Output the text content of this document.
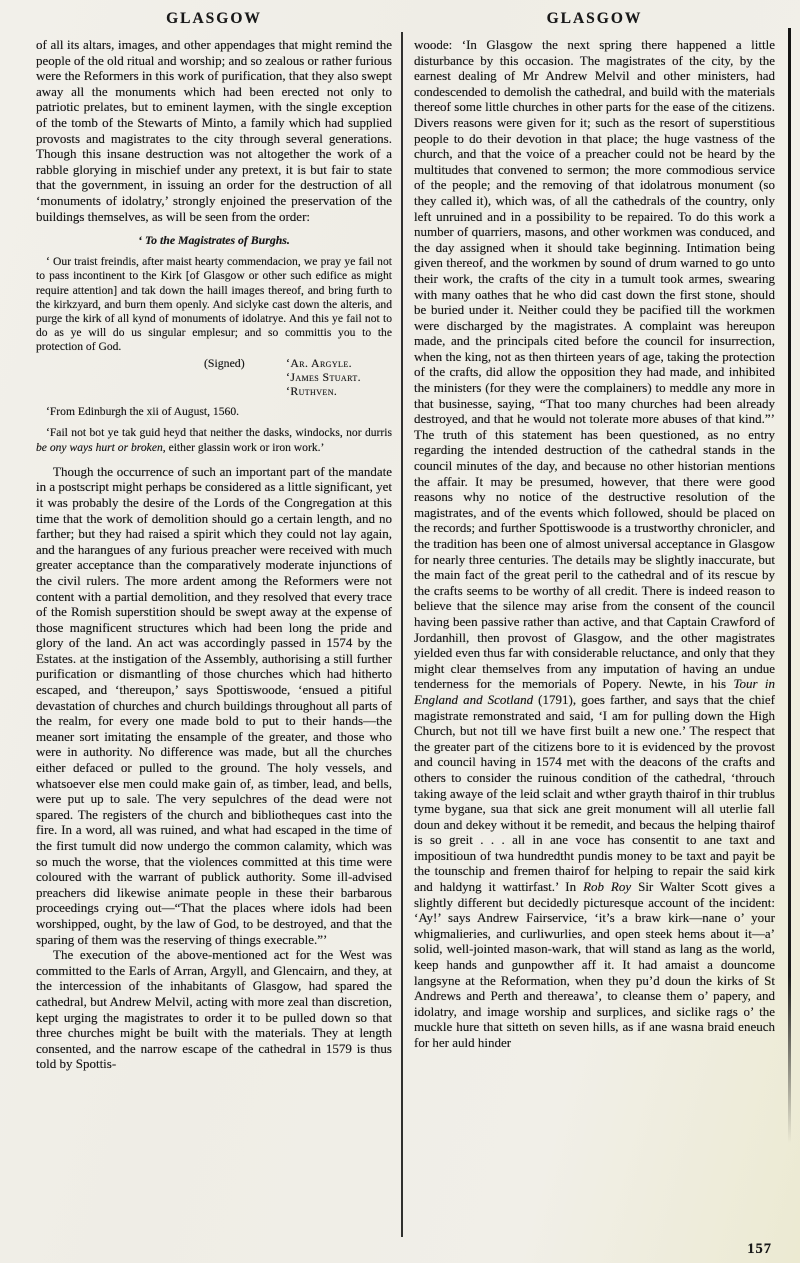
GLASGOW

of all its altars, images, and other appendages that might remind the people of the old ritual and worship; and so zealous or rather furious were the Reformers in this work of purification, that they also swept away all the monuments which had been erected not only to patriotic prelates, but to eminent laymen, with the single exception of the tomb of the Stewarts of Minto, a family which had supplied provosts and magistrates to the city through several generations. Though this insane destruction was not altogether the work of a rabble glorying in mischief under any pretext, it is but fair to state that the government, in issuing an order for the destruction of all ‘monuments of idolatry,’ strongly enjoined the preservation of the buildings themselves, as will be seen from the order:

‘ To the Magistrates of Burghs.

‘ Our traist freindis, after maist hearty commendacion, we pray ye fail not to pass incontinent to the Kirk [of Glasgow or other such edifice as might require attention] and tak down the haill images thereof, and bring furth to the kirkzyard, and burn them openly. And siclyke cast down the alteris, and purge the kirk of all kynd of monuments of idolatrye. And this ye fail not to do as ye will do us singular emplesur; and so committis you to the protection of God.

(Signed)	‘Ar. Argyle.
‘James Stuart.
‘Ruthven.

‘From Edinburgh the xii of August, 1560.

‘Fail not bot ye tak guid heyd that neither the dasks, windocks, nor durris be ony ways hurt or broken, either glassin work or iron work.’

Though the occurrence of such an important part of the mandate in a postscript might perhaps be considered as a little significant, yet it was probably the desire of the Lords of the Congregation at this time that the work of demolition should go a certain length, and no farther; but they had raised a spirit which they could not lay again, and the harangues of any furious preacher were received with much greater acceptance than the comparatively moderate injunctions of the civil rulers. The more ardent among the Reformers were not content with a partial demolition, and they resolved that every trace of the Romish superstition should be swept away at the expense of those magnificent structures which had been long the pride and glory of the land. An act was accordingly passed in 1574 by the Estates. at the instigation of the Assembly, authorising a still further purification or dismantling of those churches which had hitherto escaped, and ‘thereupon,’ says Spottiswoode, ‘ensued a pitiful devastation of churches and church buildings throughout all parts of the realm, for every one made bold to put to their hands—the meaner sort imitating the ensample of the greater, and those who were in authority. No difference was made, but all the churches either defaced or pulled to the ground. The holy vessels, and whatsoever else men could make gain of, as timber, lead, and bells, were put up to sale. The very sepulchres of the dead were not spared. The registers of the church and bibliotheques cast into the fire. In a word, all was ruined, and what had escaped in the time of the first tumult did now undergo the common calamity, which was so much the worse, that the violences committed at this time were coloured with the warrant of publick authority. Some ill-advised preachers did likewise animate people in these their barbarous proceedings crying out—“That the places where idols had been worshipped, ought, by the law of God, to be destroyed, and that the sparing of them was the reserving of things execrable.”’

The execution of the above-mentioned act for the West was committed to the Earls of Arran, Argyll, and Glencairn, and they, at the intercession of the inhabitants of Glasgow, had spared the cathedral, but Andrew Melvil, acting with more zeal than discretion, kept urging the magistrates to order it to be pulled down so that three churches might be built with the materials. They at length consented, and the narrow escape of the cathedral in 1579 is thus told by Spottis-

GLASGOW

woode: ‘In Glasgow the next spring there happened a little disturbance by this occasion. The magistrates of the city, by the earnest dealing of Mr Andrew Melvil and other ministers, had condescended to demolish the cathedral, and build with the materials thereof some little churches in other parts for the ease of the citizens. Divers reasons were given for it; such as the resort of superstitious people to do their devotion in that place; the huge vastness of the church, and that the voice of a preacher could not be heard by the multitudes that convened to sermon; the more commodious service of the people; and the removing of that idolatrous monument (so they called it), which was, of all the cathedrals of the country, only left unruined and in a possibility to be repaired. To do this work a number of quarriers, masons, and other workmen was conduced, and the day assigned when it should take beginning. Intimation being given thereof, and the workmen by sound of drum warned to go unto their work, the crafts of the city in a tumult took armes, swearing with many oathes that he who did cast down the first stone, should be buried under it. Neither could they be pacified till the workmen were discharged by the magistrates. A complaint was hereupon made, and the principals cited before the council for insurrection, when the king, not as then thirteen years of age, taking the protection of the crafts, did allow the opposition they had made, and inhibited the ministers (for they were the complainers) to meddle any more in that businesse, saying, “That too many churches had been already destroyed, and that he would not tolerate more abuses of that kind.”’ The truth of this statement has been questioned, as no entry regarding the intended destruction of the cathedral stands in the council minutes of the day, and because no other historian mentions the affair. It may be presumed, however, that there were good reasons why no notice of the destructive resolution of the magistrates, and of the events which followed, should be placed on the records; and further Spottiswoode is a trustworthy chronicler, and the tradition has been one of almost universal acceptance in Glasgow for nearly three centuries. The details may be slightly inaccurate, but the main fact of the great peril to the cathedral and of its rescue by the crafts seems to be worthy of all credit. There is indeed reason to believe that the silence may arise from the consent of the council having been passive rather than active, and that Captain Crawford of Jordanhill, then provost of Glasgow, and the other magistrates yielded even thus far with considerable reluctance, and only that they might clear themselves from any imputation of having an undue tenderness for the memorials of Popery. Newte, in his Tour in England and Scotland (1791), goes farther, and says that the chief magistrate remonstrated and said, ‘I am for pulling down the High Church, but not till we have first built a new one.’ The respect that the greater part of the citizens bore to it is evidenced by the provost and council having in 1574 met with the deacons of the crafts and others to consider the ruinous condition of the cathedral, ‘throuch taking awaye of the leid sclait and wther grayth thairof in thir trublus tyme bygane, sua that sick ane greit monument will all uterlie fall doun and dekey without it be remedit, and becaus the helping thairof is so greit . . . all in ane voce has consentit to ane taxt and impositioun of twa hundredtht pundis money to be taxt and payit be the tounschip and fremen thairof for helping to repair the said kirk and haldyng it wattirfast.’ In Rob Roy Sir Walter Scott gives a slightly different but decidedly picturesque account of the incident: ‘Ay!’ says Andrew Fairservice, ‘it’s a braw kirk—nane o’ your whigmalieries, and curliwurlies, and open steek hems about it—a’ solid, well-jointed mason-wark, that will stand as lang as the world, keep hands and gunpowther aff it. It had amaist a douncome langsyne at the Reformation, when they pu’d doun the kirks of St Andrews and Perth and thereawa’, to cleanse them o’ papery, and idolatry, and image worship and surplices, and siclike rags o’ the muckle hure that sitteth on seven hills, as if ane wasna braid eneuch for her auld hinder

157
